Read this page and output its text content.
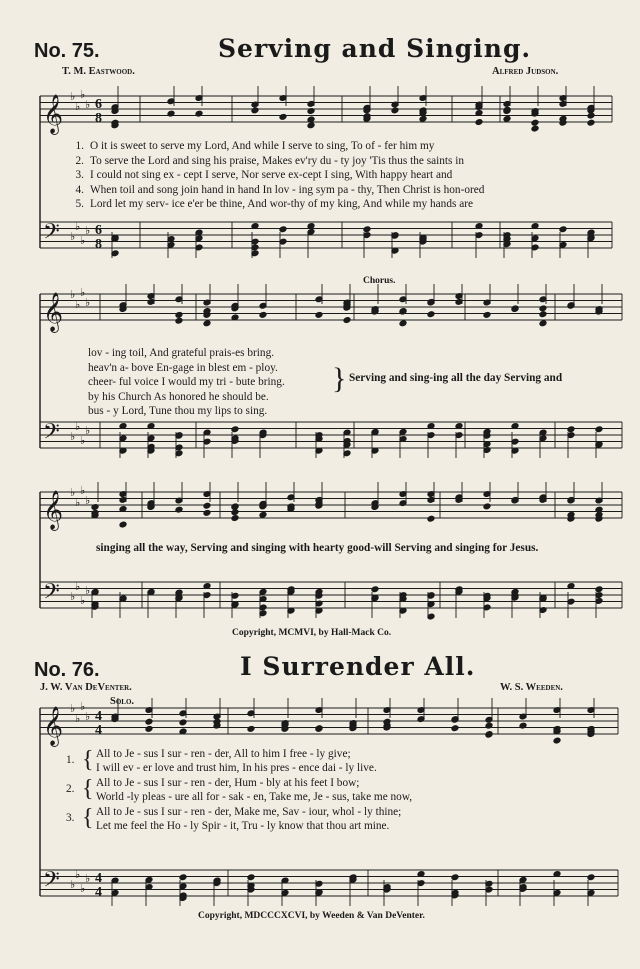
No. 75.	Serving and Singing.
T. M. Eastwood.	Alfred Judson.
𝄞
𝄢
♭
♭
♭
♭
♭
♭
♭
♭
𝄞
𝄢
♭
♭
♭
♭
♭
♭
♭
♭
𝄞
𝄢
♭
♭
♭
♭
♭
♭
♭
♭
𝄞
𝄢
♭
♭
♭
♭
♭
♭
♭
♭
6
8
6
8
4
4
4
4
1. O it is sweet to serve my Lord, And while I serve to sing, To of - fer him my
2. To serve the Lord and sing his praise, Makes ev'ry du - ty joy 'Tis thus the saints in
3. I could not sing ex - cept I serve, Nor serve ex-cept I sing, With happy heart and
4. When toil and song join hand in hand In lov - ing sym pa - thy, Then Christ is hon-ored
5. Lord let my serv- ice e'er be thine, And wor-thy of my king, And while my hands are
Chorus.
lov - ing toil, And grateful prais-es bring.
heav'n a- bove En-gage in blest em - ploy.
cheer- ful voice I would my tri - bute bring.
by his Church As honored he should be.
bus - y Lord, Tune thou my lips to sing.
} Serving and sing-ing all the day Serving and
singing all the way, Serving and singing with hearty good-will Serving and singing for Jesus.
Copyright, MCMVI, by Hall-Mack Co.
No. 76.	I Surrender All.
J. W. Van DeVenter.	W. S. Weeden.
Solo.
1. { All to Je - sus I sur - ren - der, All to him I free - ly give;
I will ev - er love and trust him, In his pres - ence dai - ly live.
2. { All to Je - sus I sur - ren - der, Hum - bly at his feet I bow;
World -ly pleas - ure all for - sak - en, Take me, Je - sus, take me now,
3. { All to Je - sus I sur - ren - der, Make me, Sav - iour, whol - ly thine;
Let me feel the Ho - ly Spir - it, Tru - ly know that thou art mine.
Copyright, MDCCCXCVI, by Weeden & Van DeVenter.
